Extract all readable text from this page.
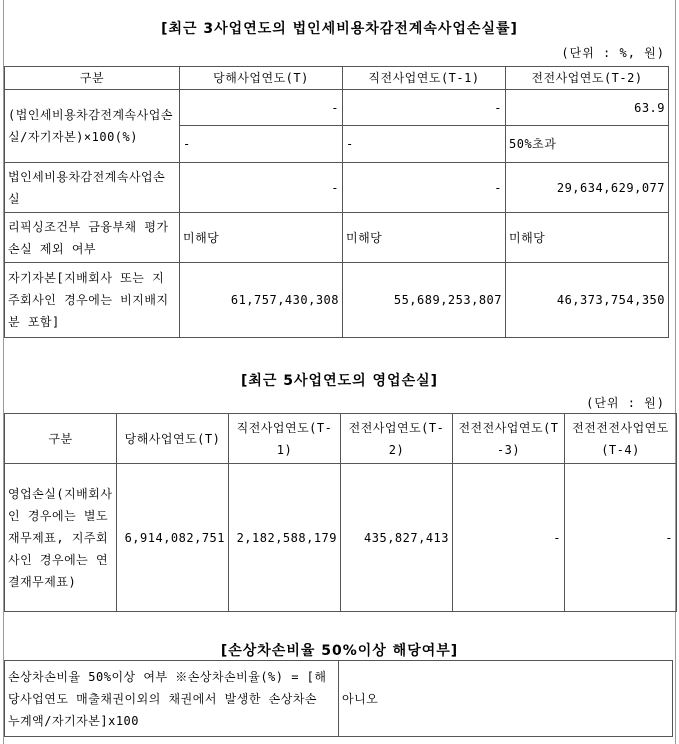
[최근 3사업연도의 법인세비용차감전계속사업손실률]
(단위 : %, 원)
구분	당해사업연도(T)	직전사업연도(T-1)	전전사업연도(T-2)
(법인세비용차감전계속사업손실/자기자본)×100(%)	-	-	63.9
	-	-	50%초과
법인세비용차감전계속사업손실	-	-	29,634,629,077
리픽싱조건부 금융부채 평가손실 제외 여부	미해당	미해당	미해당
자기자본[지배회사 또는 지주회사인 경우에는 비지배지분 포함]	61,757,430,308	55,689,253,807	46,373,754,350
[최근 5사업연도의 영업손실]
(단위 : 원)
구분	당해사업연도(T)	직전사업연도(T-1)	전전사업연도(T-2)	전전전사업연도(T-3)	전전전전사업연도(T-4)
영업손실(지배회사인 경우에는 별도재무제표, 지주회사인 경우에는 연결재무제표)	6,914,082,751	2,182,588,179	435,827,413	-	-
[손상차손비율 50%이상 해당여부]
손상차손비율 50%이상 여부 ※손상차손비율(%) = [해당사업연도 매출채권이외의 채권에서 발생한 손상차손 누계액/자기자본]x100	아니오
